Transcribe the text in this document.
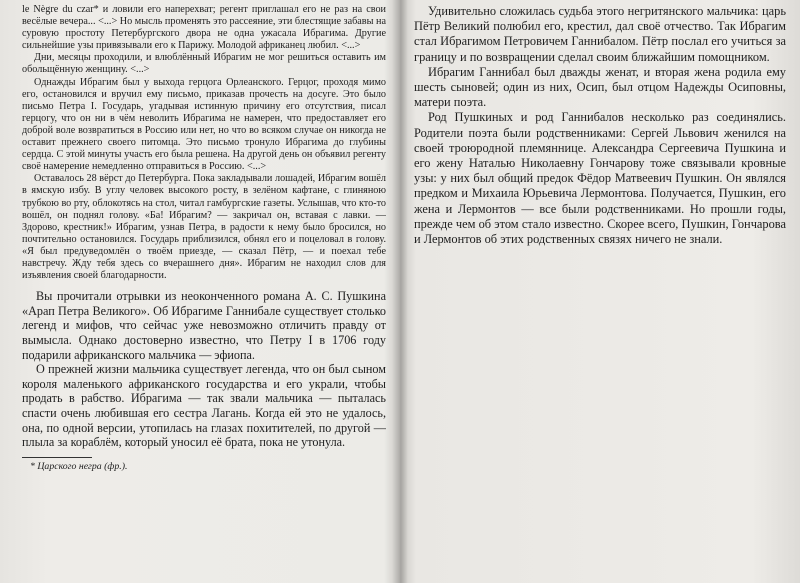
le Nègre du czar* и ловили его наперехват; регент приглашал его не раз на свои весёлые вечера... <...> Но мысль променять это рассеяние, эти блестящие забавы на суровую простоту Петербургского двора не одна ужасала Ибрагима. Другие сильнейшие узы привязывали его к Парижу. Молодой африканец любил. <...>

Дни, месяцы проходили, и влюблённый Ибрагим не мог решиться оставить им обольщённую женщину. <...>

Однажды Ибрагим был у выхода герцога Орлеанского. Герцог, проходя мимо его, остановился и вручил ему письмо, приказав прочесть на досуге. Это было письмо Петра I. Государь, угадывая истинную причину его отсутствия, писал герцогу, что он ни в чём неволить Ибрагима не намерен, что предоставляет его доброй воле возвратиться в Россию или нет, но что во всяком случае он никогда не оставит прежнего своего питомца. Это письмо тронуло Ибрагима до глубины сердца. С этой минуты участь его была решена. На другой день он объявил регенту своё намерение немедленно отправиться в Россию. <...>

Оставалось 28 вёрст до Петербурга. Пока закладывали лошадей, Ибрагим вошёл в ямскую избу. В углу человек высокого росту, в зелёном кафтане, с глиняною трубкою во рту, облокотясь на стол, читал гамбургские газеты. Услышав, что кто-то вошёл, он поднял голову. «Ба! Ибрагим? — закричал он, вставая с лавки. — Здорово, крестник!» Ибрагим, узнав Петра, в радости к нему было бросился, но почтительно остановился. Государь приблизился, обнял его и поцеловал в голову. «Я был предуведомлён о твоём приезде, — сказал Пётр, — и поехал тебе навстречу. Жду тебя здесь со вчерашнего дня». Ибрагим не находил слов для изъявления своей благодарности.

Вы прочитали отрывки из неоконченного романа А. С. Пушкина «Арап Петра Великого». Об Ибрагиме Ганнибале существует столько легенд и мифов, что сейчас уже невозможно отличить правду от вымысла. Однако достоверно известно, что Петру I в 1706 году подарили африканского мальчика — эфиопа.

О прежней жизни мальчика существует легенда, что он был сыном короля маленького африканского государства и его украли, чтобы продать в рабство. Ибрагима — так звали мальчика — пыталась спасти очень любившая его сестра Лагань. Когда ей это не удалось, она, по одной версии, утопилась на глазах похитителей, по другой — плыла за кораблём, который уносил её брата, пока не утонула.

* Царского негра (фр.).

Удивительно сложилась судьба этого негритянского мальчика: царь Пётр Великий полюбил его, крестил, дал своё отчество. Так Ибрагим стал Ибрагимом Петровичем Ганнибалом. Пётр послал его учиться за границу и по возвращении сделал своим ближайшим помощником.

Ибрагим Ганнибал был дважды женат, и вторая жена родила ему шесть сыновей; один из них, Осип, был отцом Надежды Осиповны, матери поэта.

Род Пушкиных и род Ганнибалов несколько раз соединялись. Родители поэта были родственниками: Сергей Львович женился на своей троюродной племяннице. Александра Сергеевича Пушкина и его жену Наталью Николаевну Гончарову тоже связывали кровные узы: у них был общий предок Фёдор Матвеевич Пушкин. Он являлся предком и Михаила Юрьевича Лермонтова. Получается, Пушкин, его жена и Лермонтов — все были родственниками. Но прошли годы, прежде чем об этом стало известно. Скорее всего, Пушкин, Гончарова и Лермонтов об этих родственных связях ничего не знали.
